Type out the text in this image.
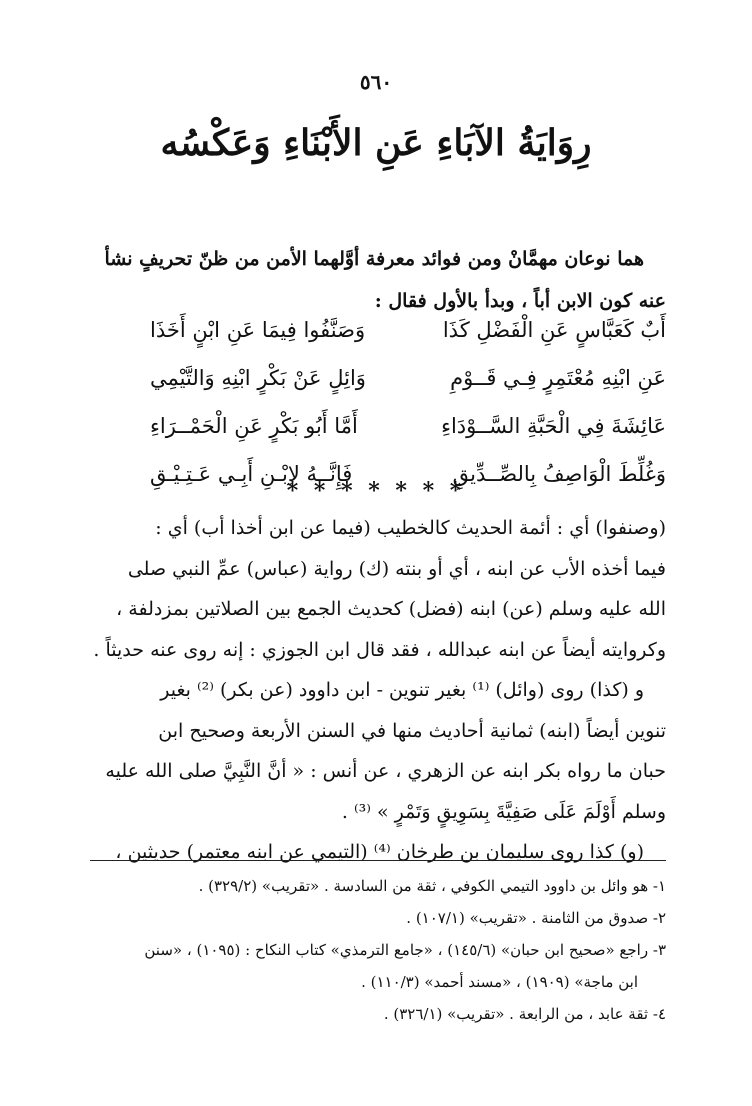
٥٦٠
رِوَايَةُ الآبَاءِ عَنِ الأَبْنَاءِ وَعَكْسُه
هما نوعان مهمَّانْ ومن فوائد معرفة أوَّلهما الأمن من ظنّ تحريفٍ نشأ
عنه كون الابن أباً ، وبدأ بالأول فقال :
أَبٌ كَعَبَّاسٍ عَنِ الْفَضْلِ كَذَا
وَصَنَّفُوا فِيمَا عَنِ ابْنٍ أَخَذَا
عَنِ ابْنِهِ مُعْتَمِرٍ فِـي قَــوْمِ
وَائِلٍ عَنْ بَكْرٍ ابْنِهِ وَالتَّيْمِي
عَائِشَةَ فِي الْحَبَّةِ السَّــوْدَاءِ
أَمَّا أَبُو بَكْرٍ عَنِ الْحَمْــرَاءِ
وَغُلِّطَ الْوَاصِفُ بِالصِّــدِّيقِ
فَإِنَّــهُ لاِبْـنِ أَبِـي عَـتِـيْـقِ
* * * * * * *

(وصنفوا) أي : أئمة الحديث كالخطيب (فيما عن ابن أخذا أب) أي :

فيما أخذه الأب عن ابنه ، أي أو بنته (ك) رواية (عباس) عمِّ النبي صلى

الله عليه وسلم (عن) ابنه (فضل) كحديث الجمع بين الصلاتين بمزدلفة ،

وكروايته أيضاً عن ابنه عبدالله ، فقد قال ابن الجوزي : إنه روى عنه حديثاً .

و (كذا) روى (وائل) ⁽¹⁾ بغير تنوين - ابن داوود (عن بكر) ⁽²⁾ بغير

تنوين أيضاً (ابنه) ثمانية أحاديث منها في السنن الأربعة وصحيح ابن

حبان ما رواه بكر ابنه عن الزهري ، عن أنس : « أنَّ النَّبِيَّ صلى الله عليه

وسلم أَوْلَمَ عَلَى صَفِيَّةَ بِسَوِيقٍ وَتَمْرٍ » ⁽³⁾ .

(و) كذا روى سليمان بن طرخان ⁽⁴⁾ (التيمي عن ابنه معتمر) حديثين ،

١- هو وائل بن داوود التيمي الكوفي ، ثقة من السادسة . «تقريب» (٣٢٩/٢) .

٢- صدوق من الثامنة . «تقريب» (١٠٧/١) .

٣- راجع «صحيح ابن حبان» (١٤٥/٦) ، «جامع الترمذي» كتاب النكاح : (١٠٩٥) ، «سنن

ابن ماجة» (١٩٠٩) ، «مسند أحمد» (١١٠/٣) .

٤- ثقة عابد ، من الرابعة . «تقريب» (٣٢٦/١) .
